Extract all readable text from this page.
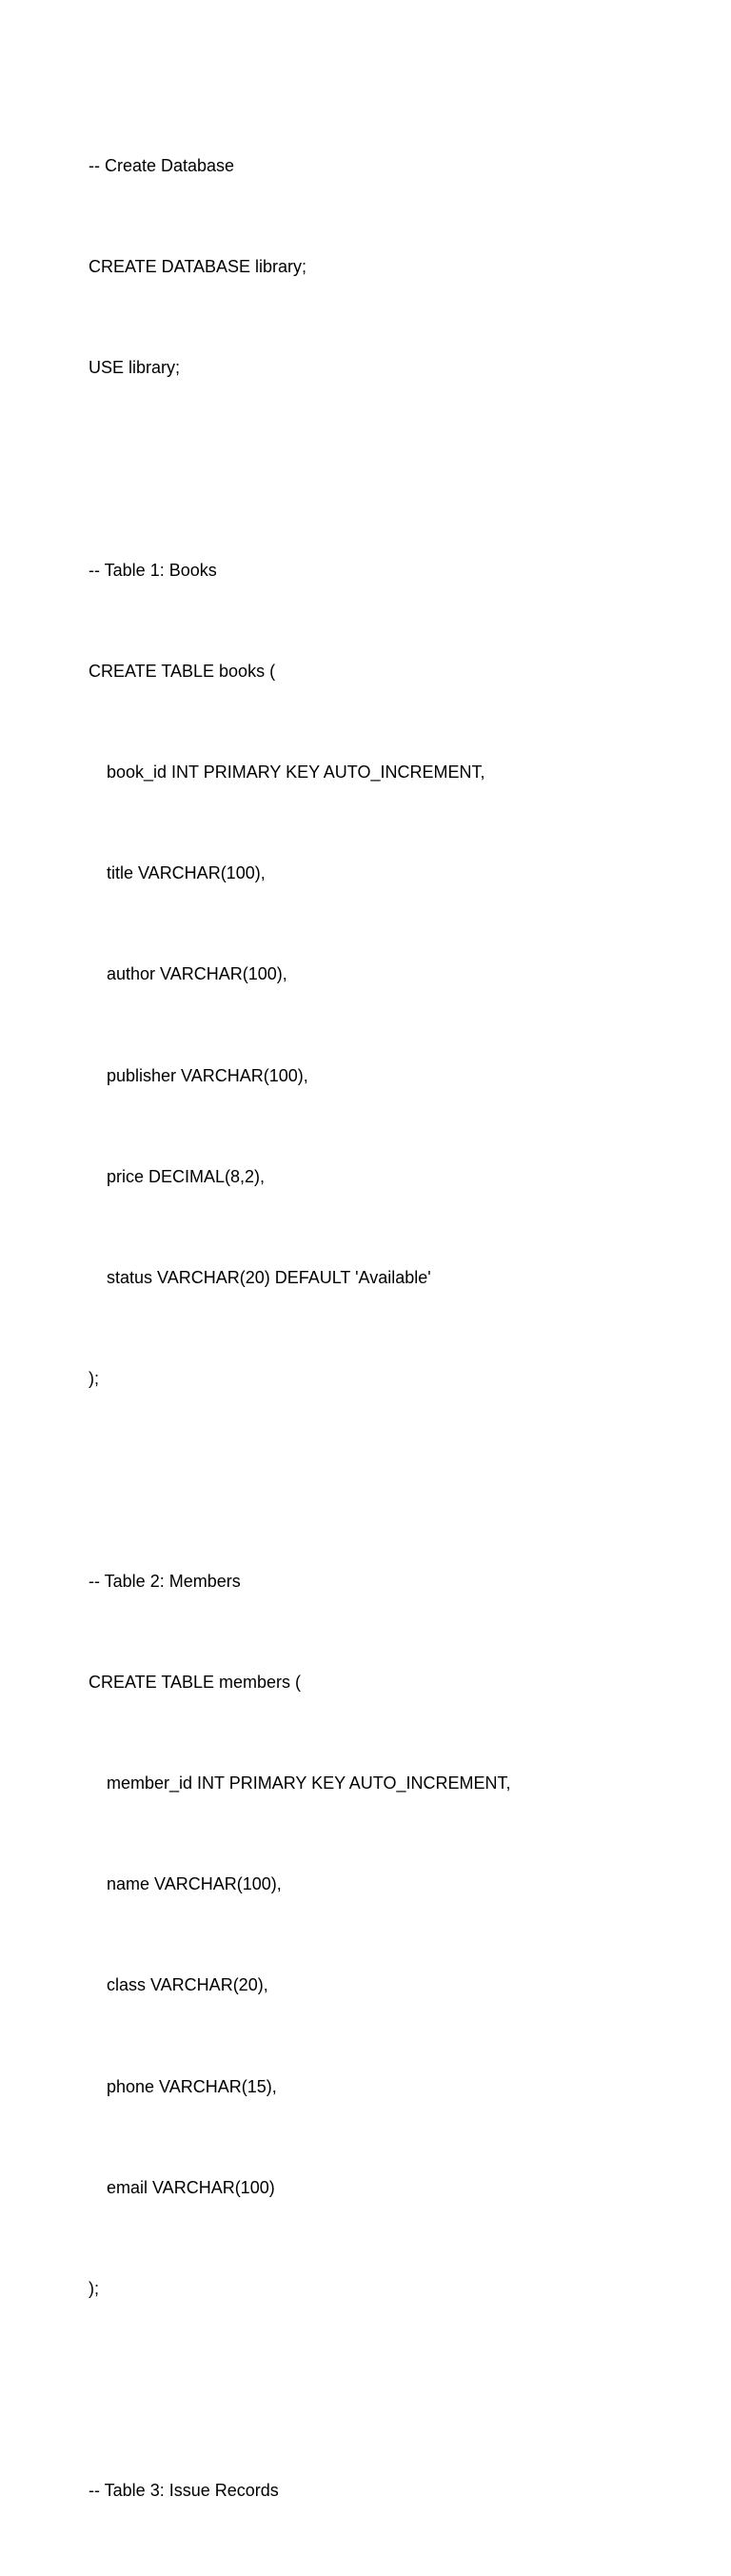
-- Create Database

CREATE DATABASE library;

USE library;

-- Table 1: Books

CREATE TABLE books (

book_id INT PRIMARY KEY AUTO_INCREMENT,

title VARCHAR(100),

author VARCHAR(100),

publisher VARCHAR(100),

price DECIMAL(8,2),

status VARCHAR(20) DEFAULT 'Available'

);

-- Table 2: Members

CREATE TABLE members (

member_id INT PRIMARY KEY AUTO_INCREMENT,

name VARCHAR(100),

class VARCHAR(20),

phone VARCHAR(15),

email VARCHAR(100)

);

-- Table 3: Issue Records
